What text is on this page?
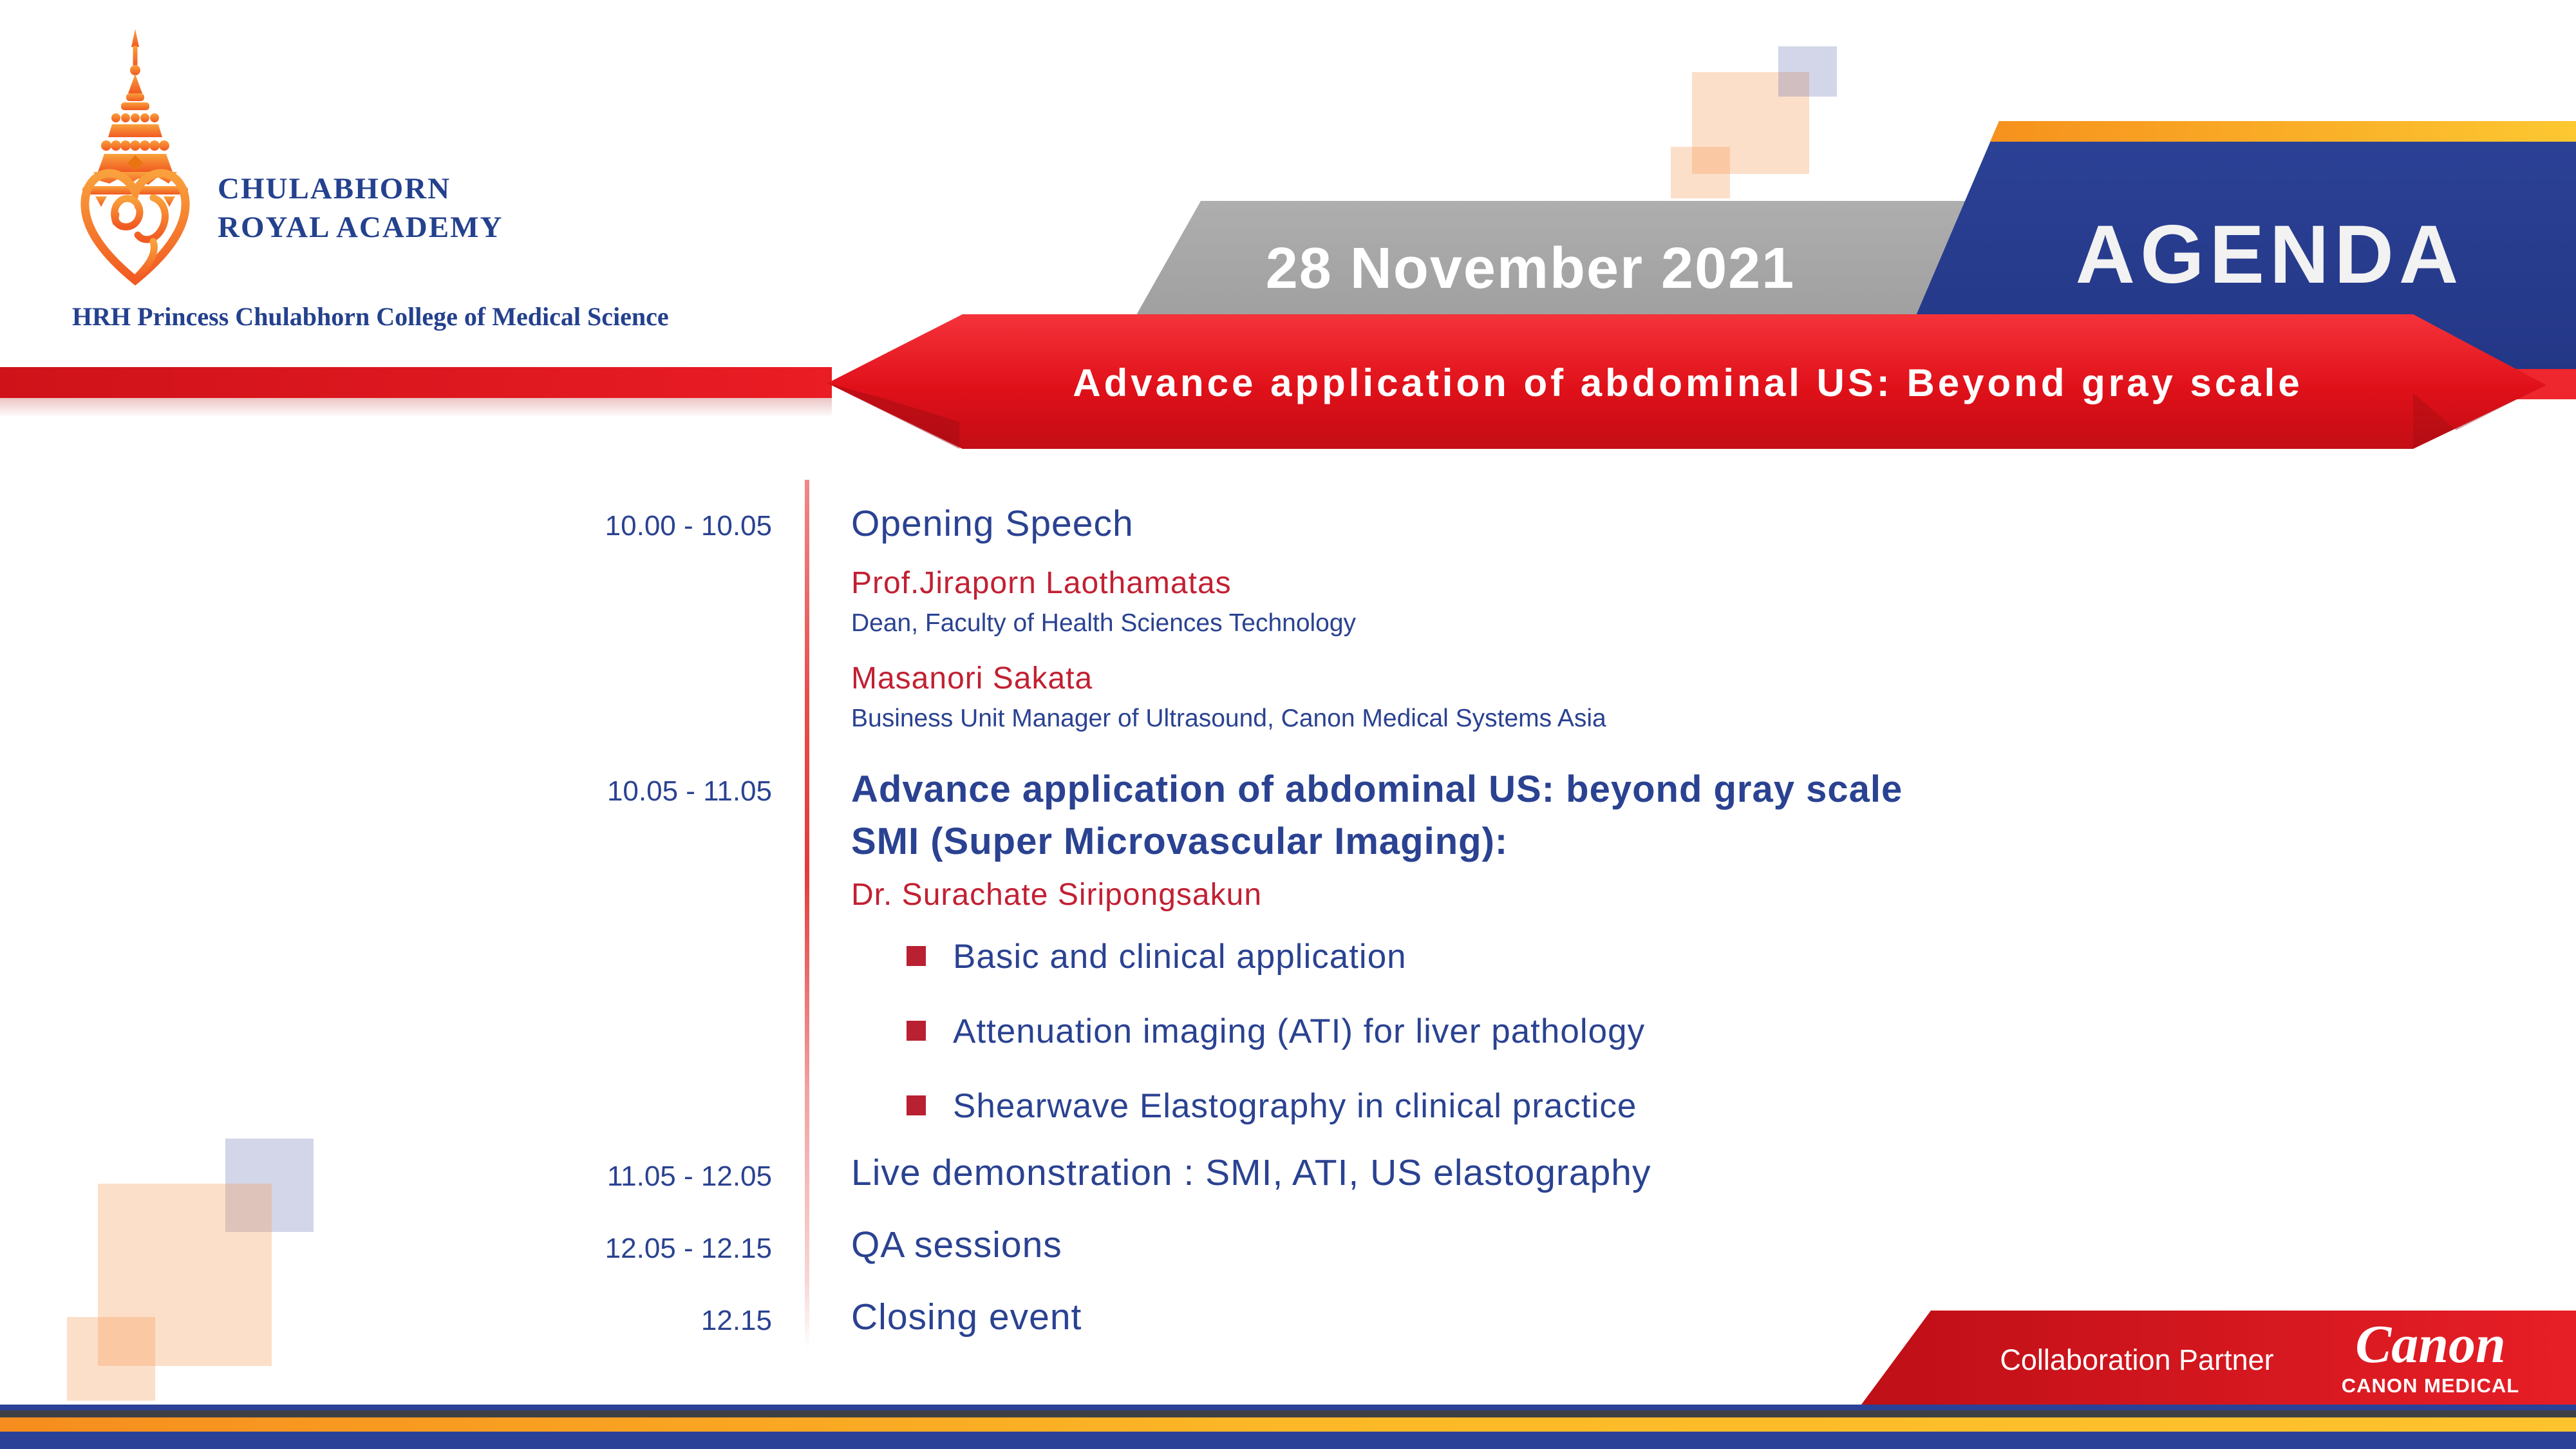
CHULABHORN
ROYAL ACADEMY
HRH Princess Chulabhorn College of Medical Science
28 November 2021	AGENDA
Advance application of abdominal US: Beyond gray scale
10.00 - 10.05 Opening Speech
Prof.Jiraporn Laothamatas
Dean, Faculty of Health Sciences Technology
Masanori Sakata
Business Unit Manager of Ultrasound, Canon Medical Systems Asia
10.05 - 11.05 Advance application of abdominal US: beyond gray scale
SMI (Super Microvascular Imaging):
Dr. Surachate Siripongsakun
Basic and clinical application
Attenuation imaging (ATI) for liver pathology
Shearwave Elastography in clinical practice
11.05 - 12.05 Live demonstration : SMI, ATI, US elastography
12.05 - 12.15 QA sessions
12.15 Closing event
Collaboration Partner	Canon
CANON MEDICAL
